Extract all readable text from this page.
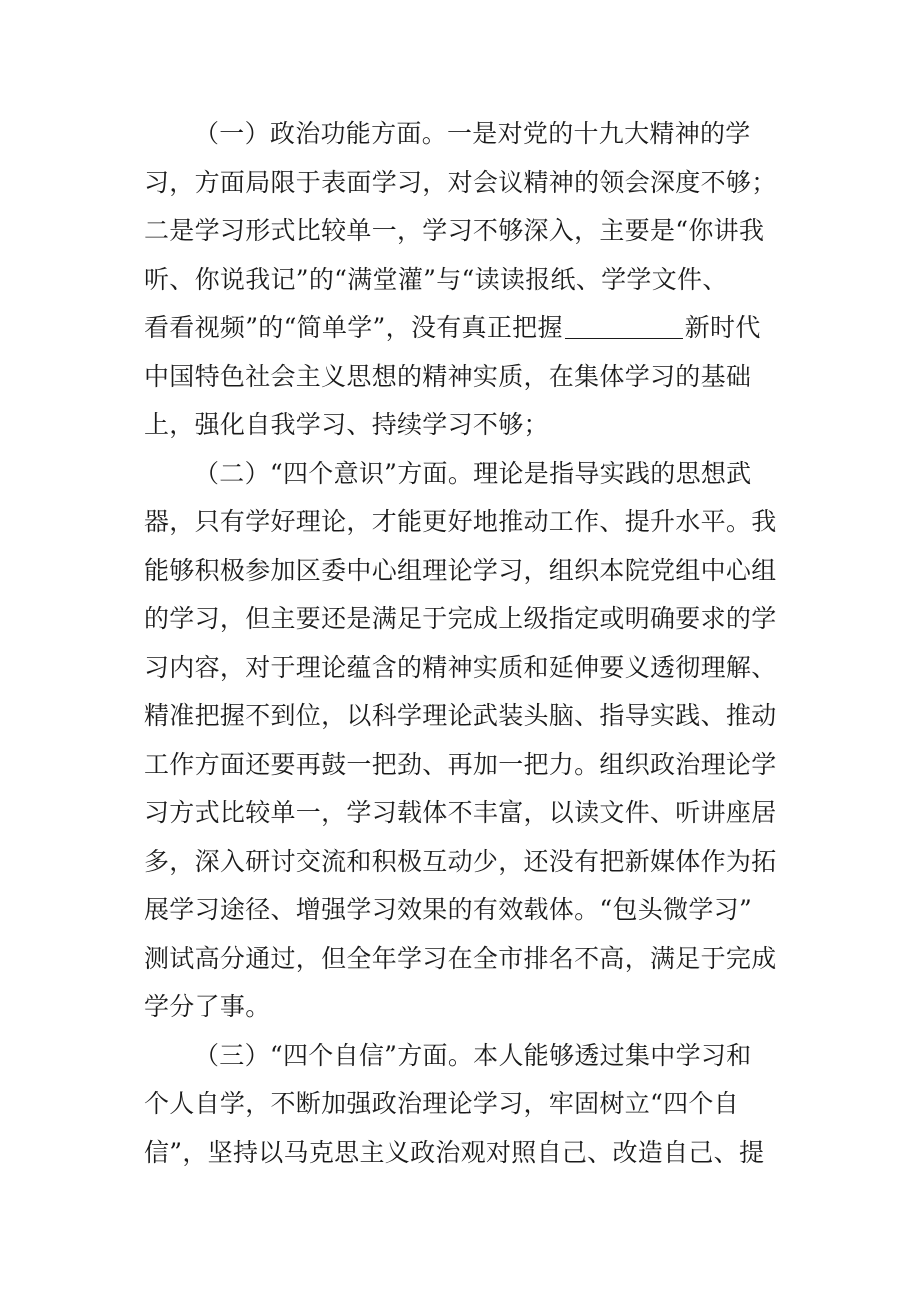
（一）政治功能方面。一是对党的十九大精神的学
习，方面局限于表面学习，对会议精神的领会深度不够；
二是学习形式比较单一，学习不够深入，主要是“你讲我
听、你说我记”的“满堂灌”与“读读报纸、学学文件、
看看视频”的“简单学”，没有真正把握	新时代
中国特色社会主义思想的精神实质，在集体学习的基础
上，强化自我学习、持续学习不够；
（二）“四个意识”方面。理论是指导实践的思想武
器，只有学好理论，才能更好地推动工作、提升水平。我
能够积极参加区委中心组理论学习，组织本院党组中心组
的学习，但主要还是满足于完成上级指定或明确要求的学
习内容，对于理论蕴含的精神实质和延伸要义透彻理解、
精准把握不到位，以科学理论武装头脑、指导实践、推动
工作方面还要再鼓一把劲、再加一把力。组织政治理论学
习方式比较单一，学习载体不丰富，以读文件、听讲座居
多，深入研讨交流和积极互动少，还没有把新媒体作为拓
展学习途径、增强学习效果的有效载体。“包头微学习”
测试高分通过，但全年学习在全市排名不高，满足于完成
学分了事。
（三）“四个自信”方面。本人能够透过集中学习和
个人自学，不断加强政治理论学习，牢固树立“四个自
信”，坚持以马克思主义政治观对照自己、改造自己、提
